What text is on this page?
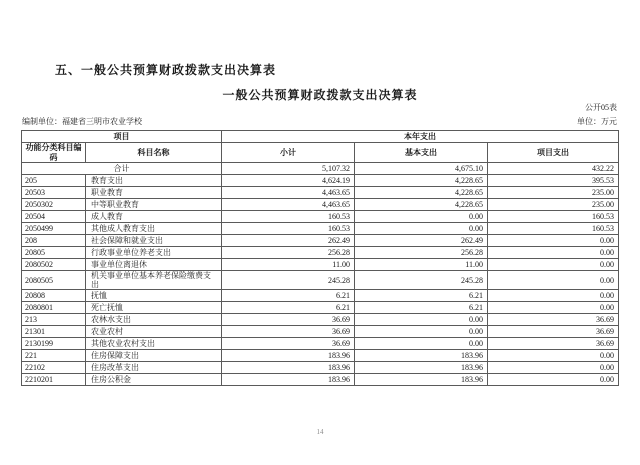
五、一般公共预算财政拨款支出决算表
一般公共预算财政拨款支出决算表
公开05表
编制单位：福建省三明市农业学校	单位：万元
项目		本年支出		
功能分类科目编码	科目名称	小计	基本支出	项目支出
合计		5,107.32	4,675.10	432.22
205	教育支出	4,624.19	4,228.65	395.53
20503	职业教育	4,463.65	4,228.65	235.00
2050302	中等职业教育	4,463.65	4,228.65	235.00
20504	成人教育	160.53	0.00	160.53
2050499	其他成人教育支出	160.53	0.00	160.53
208	社会保障和就业支出	262.49	262.49	0.00
20805	行政事业单位养老支出	256.28	256.28	0.00
2080502	事业单位离退休	11.00	11.00	0.00
2080505	机关事业单位基本养老保险缴费支出	245.28	245.28	0.00
20808	抚恤	6.21	6.21	0.00
2080801	死亡抚恤	6.21	6.21	0.00
213	农林水支出	36.69	0.00	36.69
21301	农业农村	36.69	0.00	36.69
2130199	其他农业农村支出	36.69	0.00	36.69
221	住房保障支出	183.96	183.96	0.00
22102	住房改革支出	183.96	183.96	0.00
2210201	住房公积金	183.96	183.96	0.00
14
